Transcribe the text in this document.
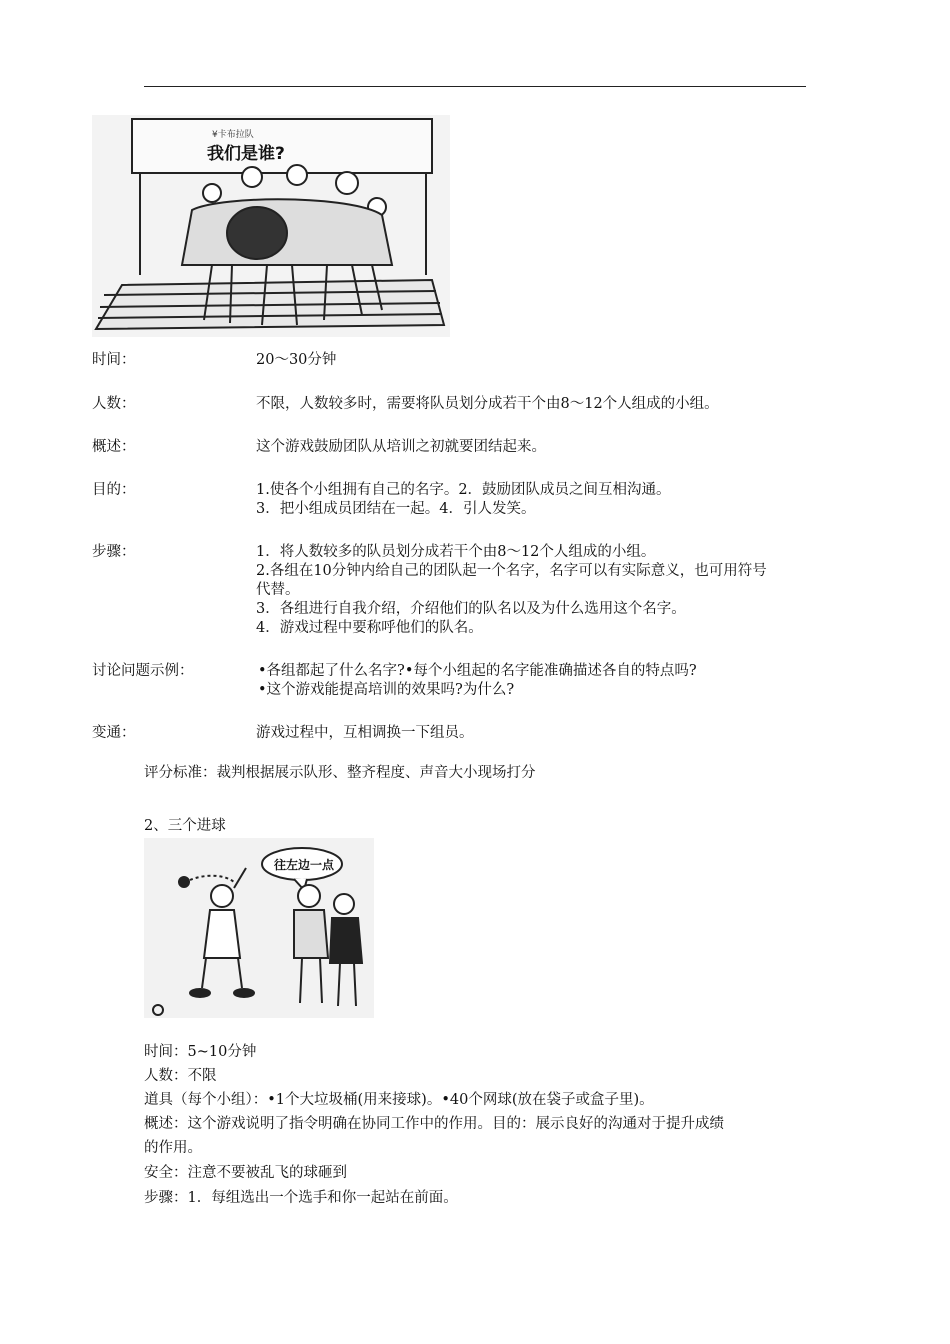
¥卡布拉队
我们是谁?
时间：	20～30分钟
人数：	不限，人数较多时，需要将队员划分成若干个由8～12个人组成的小组。
概述：	这个游戏鼓励团队从培训之初就要团结起来。
目的：	1.使各个小组拥有自己的名字。2．鼓励团队成员之间互相沟通。
3．把小组成员团结在一起。4．引人发笑。
步骤：	1．将人数较多的队员划分成若干个由8～12个人组成的小组。
2.各组在10分钟内给自己的团队起一个名字，名字可以有实际意义，也可用符号
代替。
3．各组进行自我介绍，介绍他们的队名以及为什么选用这个名字。
4．游戏过程中要称呼他们的队名。
讨论问题示例：	•各组都起了什么名字?•每个小组起的名字能准确描述各自的特点吗?
•这个游戏能提高培训的效果吗?为什么?
变通：	游戏过程中，互相调换一下组员。
评分标准：裁判根据展示队形、整齐程度、声音大小现场打分
2、三个进球
往左边一点
时间：5~10分钟
人数：不限
道具（每个小组）：•1个大垃圾桶(用来接球)。•40个网球(放在袋子或盒子里)。
概述：这个游戏说明了指令明确在协同工作中的作用。目的：展示良好的沟通对于提升成绩
的作用。
安全：注意不要被乱飞的球砸到
步骤：1．每组选出一个选手和你一起站在前面。
